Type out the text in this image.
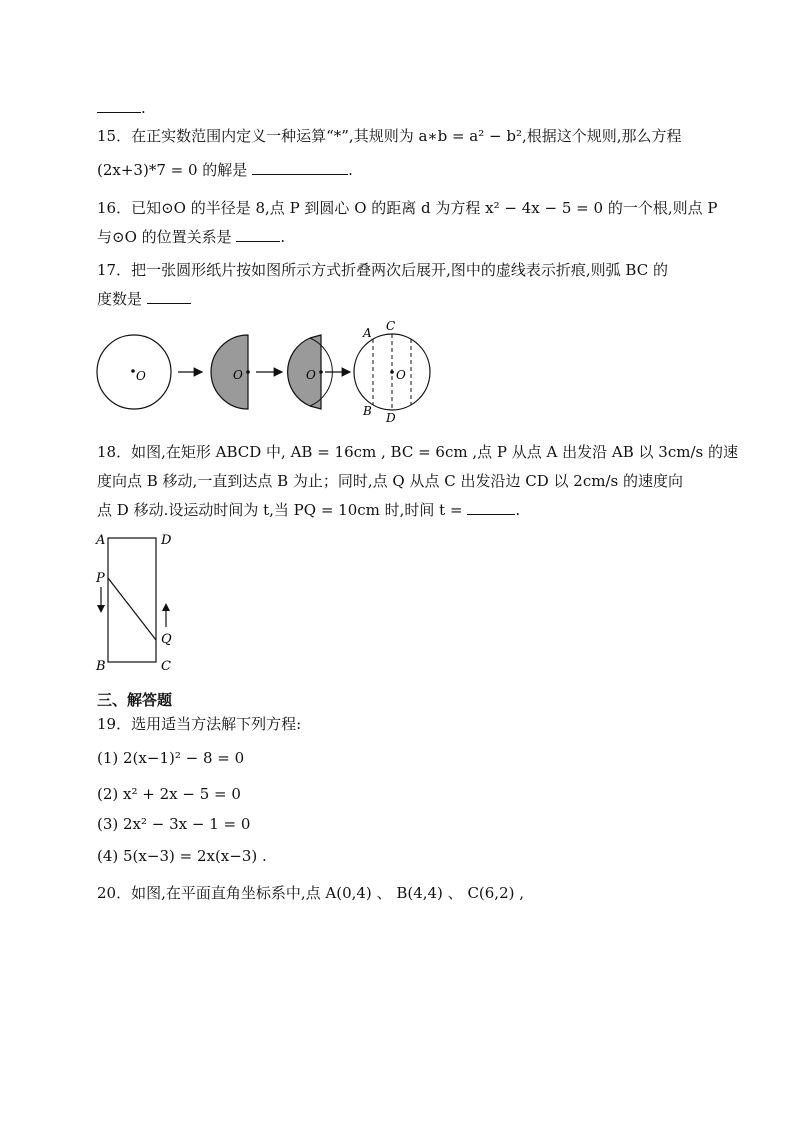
.
15．在正实数范围内定义一种运算“*”,其规则为 a∗b = a² − b²,根据这个规则,那么方程
(2x+3)*7 = 0 的解是	.
16．已知⊙O 的半径是 8,点 P 到圆心 O 的距离 d 为方程 x² − 4x − 5 = 0 的一个根,则点 P
与⊙O 的位置关系是	.
17．把一张圆形纸片按如图所示方式折叠两次后展开,图中的虚线表示折痕,则弧 BC 的
度数是
O	O	O	O
A C
B D
18．如图,在矩形 ABCD 中, AB = 16cm , BC = 6cm ,点 P 从点 A 出发沿 AB 以 3cm/s 的速
度向点 B 移动,一直到达点 B 为止；同时,点 Q 从点 C 出发沿边 CD 以 2cm/s 的速度向
点 D 移动.设运动时间为 t,当 PQ = 10cm 时,时间 t =	.
A	D
P
Q
B	C
三、解答题
19．选用适当方法解下列方程:
(1) 2(x−1)² − 8 = 0
(2) x² + 2x − 5 = 0
(3) 2x² − 3x − 1 = 0
(4) 5(x−3) = 2x(x−3) .
20．如图,在平面直角坐标系中,点 A(0,4) 、 B(4,4) 、 C(6,2) ,
